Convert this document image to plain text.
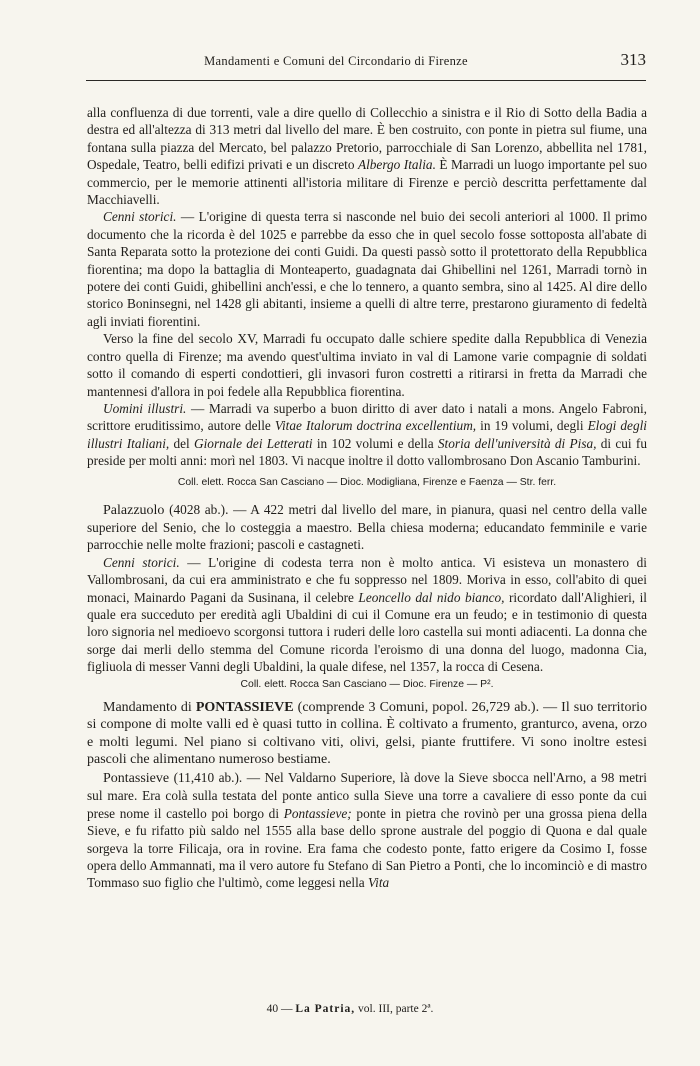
Mandamenti e Comuni del Circondario di Firenze	313

alla confluenza di due torrenti, vale a dire quello di Collecchio a sinistra e il Rio di Sotto della Badia a destra ed all'altezza di 313 metri dal livello del mare. È ben costruito, con ponte in pietra sul fiume, una fontana sulla piazza del Mercato, bel palazzo Pretorio, parrocchiale di San Lorenzo, abbellita nel 1781, Ospedale, Teatro, belli edifizi privati e un discreto Albergo Italia. È Marradi un luogo importante pel suo commercio, per le memorie attinenti all'istoria militare di Firenze e perciò descritta perfettamente dal Macchiavelli.

Cenni storici. — L'origine di questa terra si nasconde nel buio dei secoli anteriori al 1000. Il primo documento che la ricorda è del 1025 e parrebbe da esso che in quel secolo fosse sottoposta all'abate di Santa Reparata sotto la protezione dei conti Guidi. Da questi passò sotto il protettorato della Repubblica fiorentina; ma dopo la battaglia di Monteaperto, guadagnata dai Ghibellini nel 1261, Marradi tornò in potere dei conti Guidi, ghibellini anch'essi, e che lo tennero, a quanto sembra, sino al 1425. Al dire dello storico Boninsegni, nel 1428 gli abitanti, insieme a quelli di altre terre, prestarono giuramento di fedeltà agli inviati fiorentini.

Verso la fine del secolo XV, Marradi fu occupato dalle schiere spedite dalla Repubblica di Venezia contro quella di Firenze; ma avendo quest'ultima inviato in val di Lamone varie compagnie di soldati sotto il comando di esperti condottieri, gli invasori furon costretti a ritirarsi in fretta da Marradi che mantennesi d'allora in poi fedele alla Repubblica fiorentina.

Uomini illustri. — Marradi va superbo a buon diritto di aver dato i natali a mons. Angelo Fabroni, scrittore eruditissimo, autore delle Vitae Italorum doctrina excellentium, in 19 volumi, degli Elogi degli illustri Italiani, del Giornale dei Letterati in 102 volumi e della Storia dell'università di Pisa, di cui fu preside per molti anni: morì nel 1803. Vi nacque inoltre il dotto vallombrosano Don Ascanio Tamburini.

Coll. elett. Rocca San Casciano — Dioc. Modigliana, Firenze e Faenza — Str. ferr.

Palazzuolo (4028 ab.). — A 422 metri dal livello del mare, in pianura, quasi nel centro della valle superiore del Senio, che lo costeggia a maestro. Bella chiesa moderna; educandato femminile e varie parrocchie nelle molte frazioni; pascoli e castagneti.

Cenni storici. — L'origine di codesta terra non è molto antica. Vi esisteva un monastero di Vallombrosani, da cui era amministrato e che fu soppresso nel 1809. Moriva in esso, coll'abito di quei monaci, Mainardo Pagani da Susinana, il celebre Leoncello dal nido bianco, ricordato dall'Alighieri, il quale era succeduto per eredità agli Ubaldini di cui il Comune era un feudo; e in testimonio di questa loro signoria nel medioevo scorgonsi tuttora i ruderi delle loro castella sui monti adiacenti. La donna che sorge dai merli dello stemma del Comune ricorda l'eroismo di una donna del luogo, madonna Cia, figliuola di messer Vanni degli Ubaldini, la quale difese, nel 1357, la rocca di Cesena.

Coll. elett. Rocca San Casciano — Dioc. Firenze — P².

Mandamento di PONTASSIEVE (comprende 3 Comuni, popol. 26,729 ab.). — Il suo territorio si compone di molte valli ed è quasi tutto in collina. È coltivato a frumento, granturco, avena, orzo e molti legumi. Nel piano si coltivano viti, olivi, gelsi, piante fruttifere. Vi sono inoltre estesi pascoli che alimentano numeroso bestiame.

Pontassieve (11,410 ab.). — Nel Valdarno Superiore, là dove la Sieve sbocca nell'Arno, a 98 metri sul mare. Era colà sulla testata del ponte antico sulla Sieve una torre a cavaliere di esso ponte da cui prese nome il castello poi borgo di Pontassieve; ponte in pietra che rovinò per una grossa piena della Sieve, e fu rifatto più saldo nel 1555 alla base dello sprone australe del poggio di Quona e dal quale sorgeva la torre Filicaja, ora in rovine. Era fama che codesto ponte, fatto erigere da Cosimo I, fosse opera dello Ammannati, ma il vero autore fu Stefano di San Pietro a Ponti, che lo incominciò e di mastro Tommaso suo figlio che l'ultimò, come leggesi nella Vita

40 — La Patria, vol. III, parte 2ª.
